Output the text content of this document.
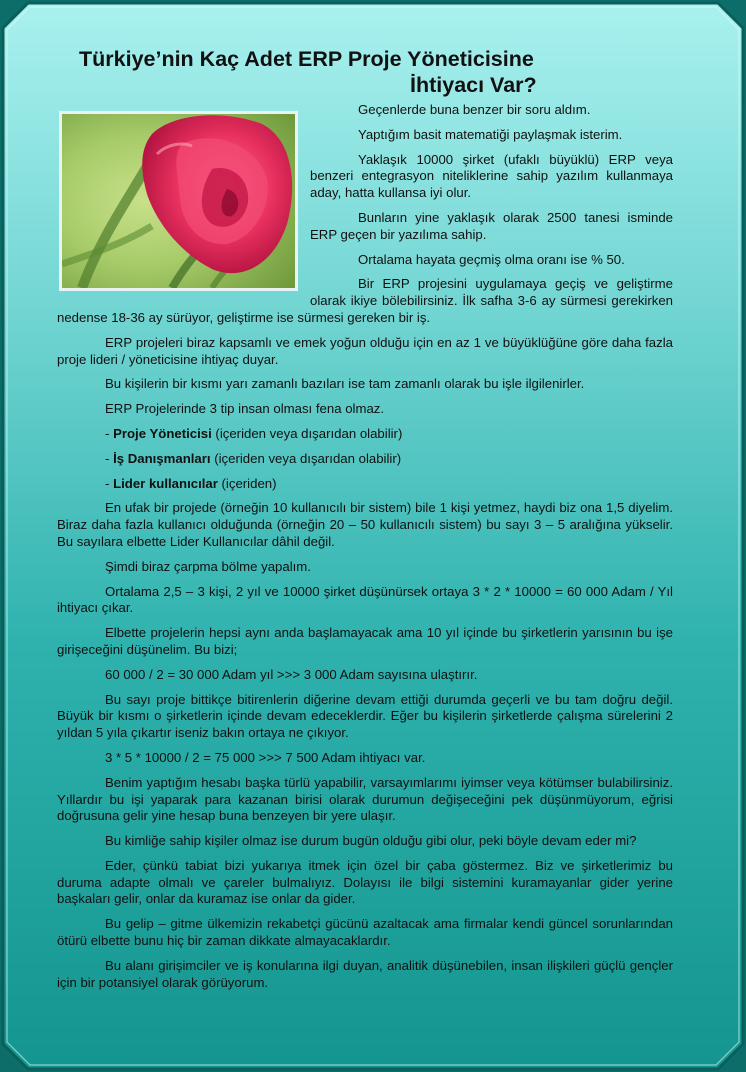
Türkiye’nin Kaç Adet ERP Proje Yöneticisine
İhtiyacı Var?

Geçenlerde buna benzer bir soru aldım.

Yaptığım basit matematiği paylaşmak isterim.

Yaklaşık 10000 şirket (ufaklı büyüklü) ERP veya benzeri entegrasyon niteliklerine sahip yazılım kullanmaya aday, hatta kullansa iyi olur.

Bunların yine yaklaşık olarak 2500 tanesi isminde ERP geçen bir yazılıma sahip.

Ortalama hayata geçmiş olma oranı ise % 50.

Bir ERP projesini uygulamaya geçiş ve geliştirme olarak ikiye bölebilirsiniz. İlk safha 3-6 ay sürmesi gerekirken nedense 18-36 ay sürüyor, geliştirme ise sürmesi gereken bir iş.

ERP projeleri biraz kapsamlı ve emek yoğun olduğu için en az 1 ve büyüklüğüne göre daha fazla proje lideri / yöneticisine ihtiyaç duyar.

Bu kişilerin bir kısmı yarı zamanlı bazıları ise tam zamanlı olarak bu işle ilgilenirler.

ERP Projelerinde 3 tip insan olması fena olmaz.

- Proje Yöneticisi (içeriden veya dışarıdan olabilir)

- İş Danışmanları (içeriden veya dışarıdan olabilir)

- Lider kullanıcılar (içeriden)

En ufak bir projede (örneğin 10 kullanıcılı bir sistem) bile 1 kişi yetmez, haydi biz ona 1,5 diyelim. Biraz daha fazla kullanıcı olduğunda (örneğin 20 – 50 kullanıcılı sistem) bu sayı 3 – 5 aralığına yükselir. Bu sayılara elbette Lider Kullanıcılar dâhil değil.

Şimdi biraz çarpma bölme yapalım.

Ortalama 2,5 – 3 kişi, 2 yıl ve 10000 şirket düşünürsek ortaya 3 * 2 * 10000 = 60 000 Adam / Yıl ihtiyacı çıkar.

Elbette projelerin hepsi aynı anda başlamayacak ama 10 yıl içinde bu şirketlerin yarısının bu işe girişeceğini düşünelim. Bu bizi;

60 000 / 2 = 30 000 Adam yıl >>> 3 000 Adam sayısına ulaştırır.

Bu sayı proje bittikçe bitirenlerin diğerine devam ettiği durumda geçerli ve bu tam doğru değil. Büyük bir kısmı o şirketlerin içinde devam edeceklerdir. Eğer bu kişilerin şirketlerde çalışma sürelerini 2 yıldan 5 yıla çıkartır iseniz bakın ortaya ne çıkıyor.

3 * 5 * 10000 / 2 = 75 000 >>> 7 500 Adam ihtiyacı var.

Benim yaptığım hesabı başka türlü yapabilir, varsayımlarımı iyimser veya kötümser bulabilirsiniz. Yıllardır bu işi yaparak para kazanan birisi olarak durumun değişeceğini pek düşünmüyorum, eğrisi doğrusuna gelir yine hesap buna benzeyen bir yere ulaşır.

Bu kimliğe sahip kişiler olmaz ise durum bugün olduğu gibi olur, peki böyle devam eder mi?

Eder, çünkü tabiat bizi yukarıya itmek için özel bir çaba göstermez. Biz ve şirketlerimiz bu duruma adapte olmalı ve çareler bulmalıyız. Dolayısı ile bilgi sistemini kuramayanlar gider yerine başkaları gelir, onlar da kuramaz ise onlar da gider.

Bu gelip – gitme ülkemizin rekabetçi gücünü azaltacak ama firmalar kendi güncel sorunlarından ötürü elbette bunu hiç bir zaman dikkate almayacaklardır.

Bu alanı girişimciler ve iş konularına ilgi duyan, analitik düşünebilen, insan ilişkileri güçlü gençler için bir potansiyel olarak görüyorum.
